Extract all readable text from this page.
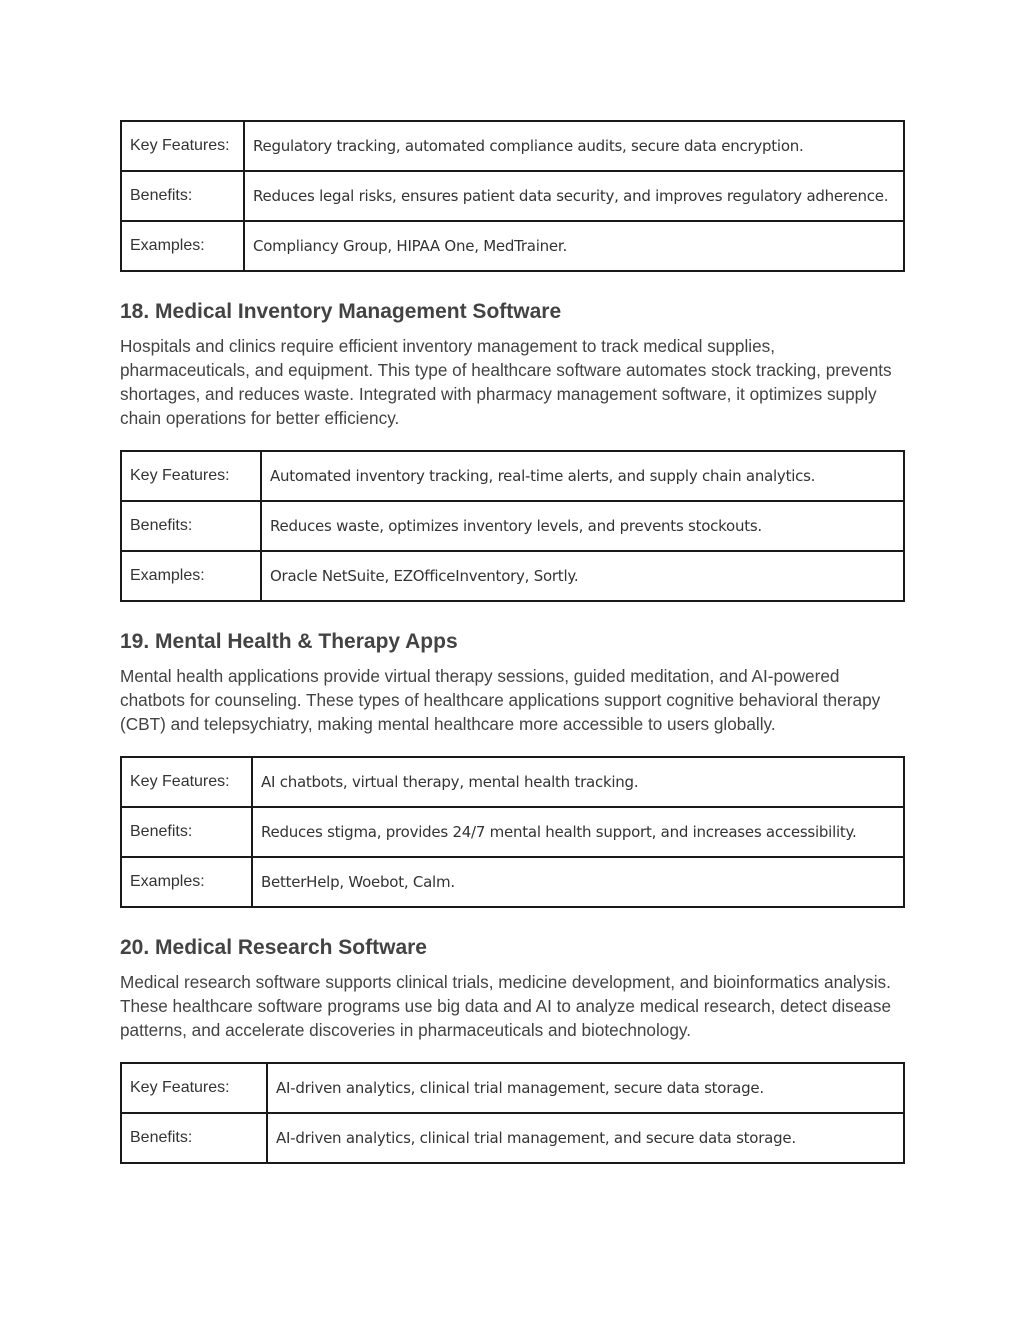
Key Features:	Regulatory tracking, automated compliance audits, secure data encryption.
Benefits:	Reduces legal risks, ensures patient data security, and improves regulatory adherence.
Examples:	Compliancy Group, HIPAA One, MedTrainer.
18. Medical Inventory Management Software

Hospitals and clinics require efficient inventory management to track medical supplies, pharmaceuticals, and equipment. This type of healthcare software automates stock tracking, prevents shortages, and reduces waste. Integrated with pharmacy management software, it optimizes supply chain operations for better efficiency.

Key Features:	Automated inventory tracking, real-time alerts, and supply chain analytics.
Benefits:	Reduces waste, optimizes inventory levels, and prevents stockouts.
Examples:	Oracle NetSuite, EZOfficeInventory, Sortly.
19. Mental Health & Therapy Apps

Mental health applications provide virtual therapy sessions, guided meditation, and AI-powered chatbots for counseling. These types of healthcare applications support cognitive behavioral therapy (CBT) and telepsychiatry, making mental healthcare more accessible to users globally.

Key Features:	AI chatbots, virtual therapy, mental health tracking.
Benefits:	Reduces stigma, provides 24/7 mental health support, and increases accessibility.
Examples:	BetterHelp, Woebot, Calm.
20. Medical Research Software

Medical research software supports clinical trials, medicine development, and bioinformatics analysis. These healthcare software programs use big data and AI to analyze medical research, detect disease patterns, and accelerate discoveries in pharmaceuticals and biotechnology.

Key Features:	AI-driven analytics, clinical trial management, secure data storage.
Benefits:	AI-driven analytics, clinical trial management, and secure data storage.
